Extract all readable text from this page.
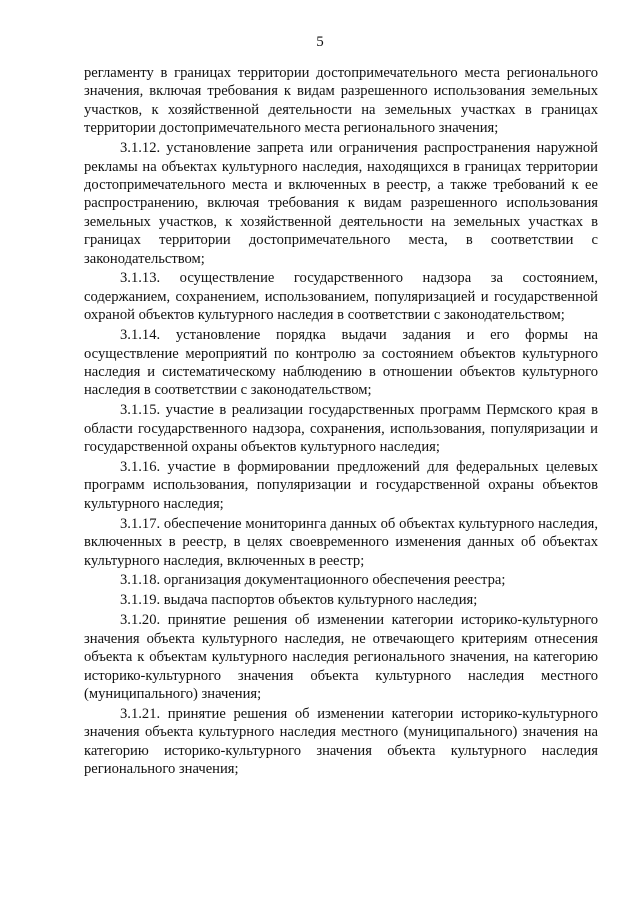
5

регламенту в границах территории достопримечательного места регионального значения, включая требования к видам разрешенного использования земельных участков, к хозяйственной деятельности на земельных участках в границах территории достопримечательного места регионального значения;

3.1.12. установление запрета или ограничения распространения наружной рекламы на объектах культурного наследия, находящихся в границах территории достопримечательного места и включенных в реестр, а также требований к ее распространению, включая требования к видам разрешенного использования земельных участков, к хозяйственной деятельности на земельных участках в границах территории достопримечательного места, в соответствии с законодательством;

3.1.13. осуществление государственного надзора за состоянием, содержанием, сохранением, использованием, популяризацией и государственной охраной объектов культурного наследия в соответствии с законодательством;

3.1.14. установление порядка выдачи задания и его формы на осуществление мероприятий по контролю за состоянием объектов культурного наследия и систематическому наблюдению в отношении объектов культурного наследия в соответствии с законодательством;

3.1.15. участие в реализации государственных программ Пермского края в области государственного надзора, сохранения, использования, популяризации и государственной охраны объектов культурного наследия;

3.1.16. участие в формировании предложений для федеральных целевых программ использования, популяризации и государственной охраны объектов культурного наследия;

3.1.17. обеспечение мониторинга данных об объектах культурного наследия, включенных в реестр, в целях своевременного изменения данных об объектах культурного наследия, включенных в реестр;

3.1.18. организация документационного обеспечения реестра;

3.1.19. выдача паспортов объектов культурного наследия;

3.1.20. принятие решения об изменении категории историко-культурного значения объекта культурного наследия, не отвечающего критериям отнесения объекта к объектам культурного наследия регионального значения, на категорию историко-культурного значения объекта культурного наследия местного (муниципального) значения;

3.1.21. принятие решения об изменении категории историко-культурного значения объекта культурного наследия местного (муниципального) значения на категорию историко-культурного значения объекта культурного наследия регионального значения;
